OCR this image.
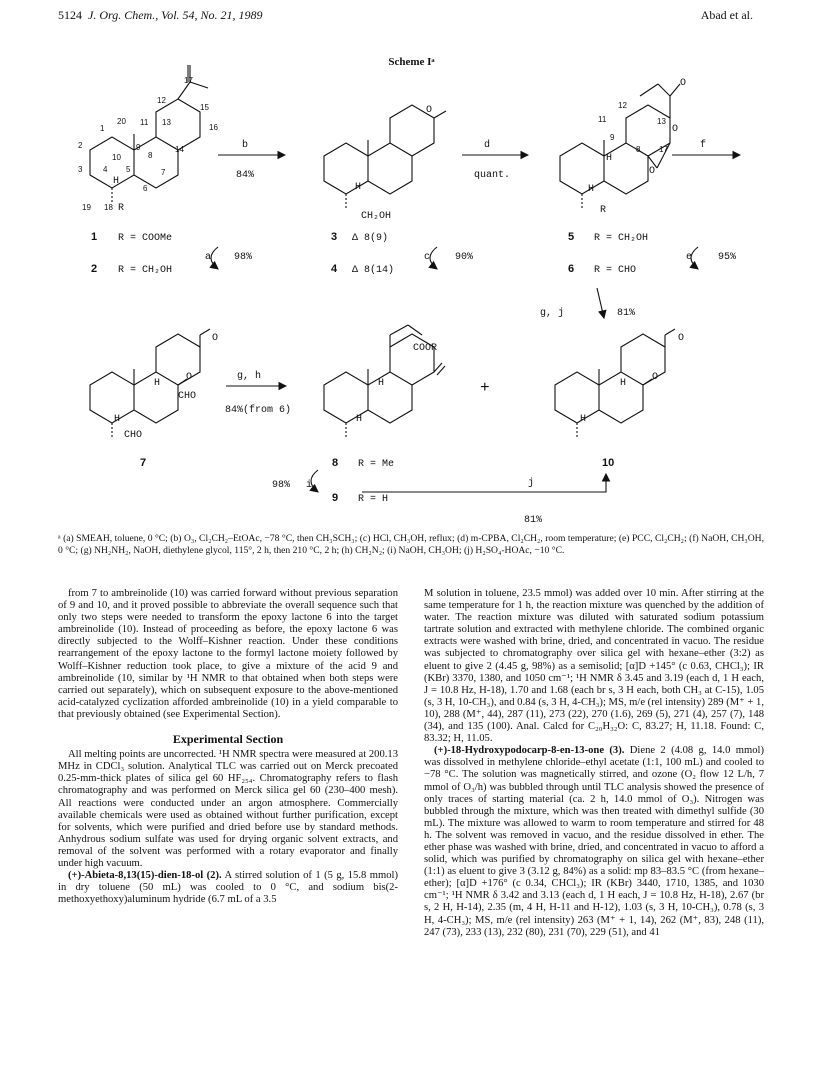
5124 J. Org. Chem., Vol. 54, No. 21, 1989	Abad et al.
Scheme Iᵃ
17
12
15
20 11 13
1	16
2	9	14
10	8
3	4 5	7
6
H
19 18 R
1 R = COOMe
2 R = CH₂OH
a 98%
b
84%
O
H
CH₂OH
3 Δ 8(9)
4 Δ 8(14)
c 90%
d
quant.
O
O
O
12
11	13
9
8 17
H
H
R
5 R = CH₂OH
6 R = CHO
e	95%
f
g, j	81%
O
O
CHO
H
H
CHO
7
g, h
84%(from 6)
COOR
H
H
8 R = Me
9 R = H
i
98%
+
O
O
H
H
10
j
81%
ᵃ (a) SMEAH, toluene, 0 °C; (b) O₃, Cl₂CH₂–EtOAc, −78 °C, then CH₃SCH₃; (c) HCl, CH₃OH, reflux; (d) m-CPBA, Cl₂CH₂, room temperature; (e) PCC, Cl₂CH₂; (f) NaOH, CH₃OH, 0 °C; (g) NH₂NH₂, NaOH, diethylene glycol, 115°, 2 h, then 210 °C, 2 h; (h) CH₂N₂; (i) NaOH, CH₃OH; (j) H₂SO₄-HOAc, −10 °C.

from 7 to ambreinolide (10) was carried forward without previous separation of 9 and 10, and it proved possible to abbreviate the overall sequence such that only two steps were needed to transform the epoxy lactone 6 into the target ambreinolide (10). Instead of proceeding as before, the epoxy lactone 6 was directly subjected to the Wolff–Kishner reaction. Under these conditions rearrangement of the epoxy lactone to the formyl lactone moiety followed by Wolff–Kishner reduction took place, to give a mixture of the acid 9 and ambreinolide (10, similar by ¹H NMR to that obtained when both steps were carried out separately), which on subsequent exposure to the above-mentioned acid-catalyzed cyclization afforded ambreinolide (10) in a yield comparable to that previously obtained (see Experimental Section).

Experimental Section

All melting points are uncorrected. ¹H NMR spectra were measured at 200.13 MHz in CDCl₃ solution. Analytical TLC was carried out on Merck precoated 0.25-mm-thick plates of silica gel 60 HF₂₅₄. Chromatography refers to flash chromatography and was performed on Merck silica gel 60 (230–400 mesh). All reactions were conducted under an argon atmosphere. Commercially available chemicals were used as obtained without further purification, except for solvents, which were purified and dried before use by standard methods. Anhydrous sodium sulfate was used for drying organic solvent extracts, and removal of the solvent was performed with a rotary evaporator and finally under high vacuum.

(+)-Abieta-8,13(15)-dien-18-ol (2). A stirred solution of 1 (5 g, 15.8 mmol) in dry toluene (50 mL) was cooled to 0 °C, and sodium bis(2-methoxyethoxy)aluminum hydride (6.7 mL of a 3.5

M solution in toluene, 23.5 mmol) was added over 10 min. After stirring at the same temperature for 1 h, the reaction mixture was quenched by the addition of water. The reaction mixture was diluted with saturated sodium potassium tartrate solution and extracted with methylene chloride. The combined organic extracts were washed with brine, dried, and concentrated in vacuo. The residue was subjected to chromatography over silica gel with hexane–ether (3:2) as eluent to give 2 (4.45 g, 98%) as a semisolid; [α]D +145° (c 0.63, CHCl₃); IR (KBr) 3370, 1380, and 1050 cm⁻¹; ¹H NMR δ 3.45 and 3.19 (each d, 1 H each, J = 10.8 Hz, H-18), 1.70 and 1.68 (each br s, 3 H each, both CH₃ at C-15), 1.05 (s, 3 H, 10-CH₃), and 0.84 (s, 3 H, 4-CH₃); MS, m/e (rel intensity) 289 (M⁺ + 1, 10), 288 (M⁺, 44), 287 (11), 273 (22), 270 (1.6), 269 (5), 271 (4), 257 (7), 148 (34), and 135 (100). Anal. Calcd for C₂₀H₃₂O: C, 83.27; H, 11.18. Found: C, 83.32; H, 11.05.

(+)-18-Hydroxypodocarp-8-en-13-one (3). Diene 2 (4.08 g, 14.0 mmol) was dissolved in methylene chloride–ethyl acetate (1:1, 100 mL) and cooled to −78 °C. The solution was magnetically stirred, and ozone (O₂ flow 12 L/h, 7 mmol of O₃/h) was bubbled through until TLC analysis showed the presence of only traces of starting material (ca. 2 h, 14.0 mmol of O₃). Nitrogen was bubbled through the mixture, which was then treated with dimethyl sulfide (30 mL). The mixture was allowed to warm to room temperature and stirred for 48 h. The solvent was removed in vacuo, and the residue dissolved in ether. The ether phase was washed with brine, dried, and concentrated in vacuo to afford a solid, which was purified by chromatography on silica gel with hexane–ether (1:1) as eluent to give 3 (3.12 g, 84%) as a solid: mp 83–83.5 °C (from hexane–ether); [α]D +176° (c 0.34, CHCl₃); IR (KBr) 3440, 1710, 1385, and 1030 cm⁻¹; ¹H NMR δ 3.42 and 3.13 (each d, 1 H each, J = 10.8 Hz, H-18), 2.67 (br s, 2 H, H-14), 2.35 (m, 4 H, H-11 and H-12), 1.03 (s, 3 H, 10-CH₃), 0.78 (s, 3 H, 4-CH₃); MS, m/e (rel intensity) 263 (M⁺ + 1, 14), 262 (M⁺, 83), 248 (11), 247 (73), 233 (13), 232 (80), 231 (70), 229 (51), and 41
